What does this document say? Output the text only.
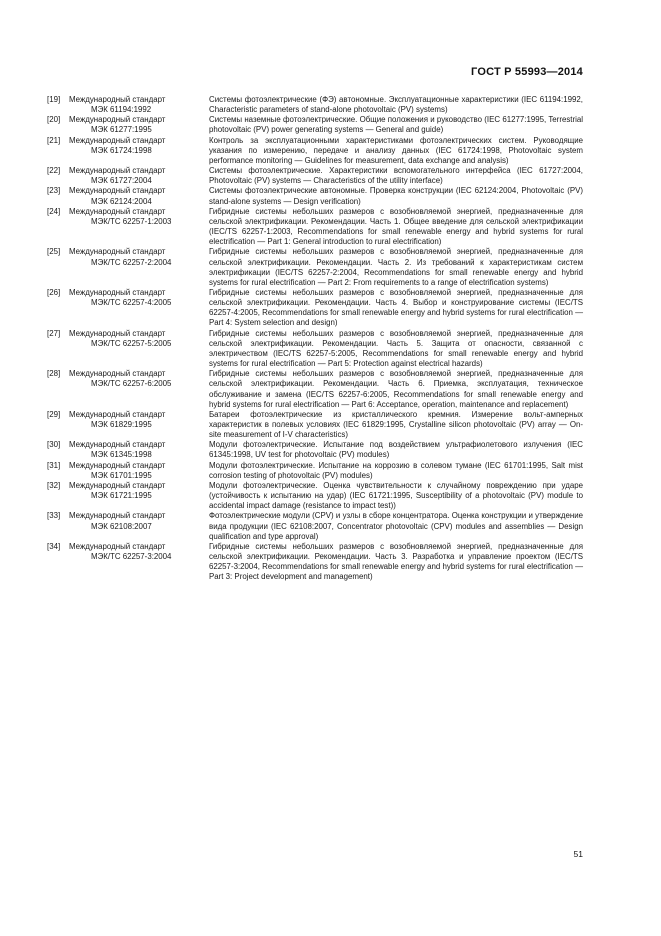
ГОСТ Р 55993—2014
[19]	Международный стандарт
МЭК 61194:1992
Системы фотоэлектрические (ФЭ) автономные. Эксплуатационные характеристики (IEC 61194:1992, Characteristic parameters of stand-alone photovoltaic (PV) systems)
[20]	Международный стандарт
МЭК 61277:1995
Системы наземные фотоэлектрические. Общие положения и руководство (IEC 61277:1995, Terrestrial photovoltaic (PV) power generating systems — General and guide)
[21]	Международный стандарт
МЭК 61724:1998
Контроль за эксплуатационными характеристиками фотоэлектрических систем. Руководящие указания по измерению, передаче и анализу данных (IEC 61724:1998, Photovoltaic system performance monitoring — Guidelines for measurement, data exchange and analysis)
[22]	Международный стандарт
МЭК 61727:2004
Системы фотоэлектрические. Характеристики вспомогательного интерфейса (IEC 61727:2004, Photovoltaic (PV) systems — Characteristics of the utility interface)
[23]	Международный стандарт
МЭК 62124:2004
Системы фотоэлектрические автономные. Проверка конструкции (IEC 62124:2004, Photovoltaic (PV) stand-alone systems — Design verification)
[24]	Международный стандарт
МЭК/ТС 62257-1:2003
Гибридные системы небольших размеров с возобновляемой энергией, предназначенные для сельской электрификации. Рекомендации. Часть 1. Общее введение для сельской электрификации (IEC/TS 62257-1:2003, Recommendations for small renewable energy and hybrid systems for rural electrification — Part 1: General introduction to rural electrification)
[25]	Международный стандарт
МЭК/ТС 62257-2:2004
Гибридные системы небольших размеров с возобновляемой энергией, предназначенные для сельской электрификации. Рекомендации. Часть 2. Из требований к характеристикам систем электрификации (IEC/TS 62257-2:2004, Recommendations for small renewable energy and hybrid systems for rural electrification — Part 2: From requirements to a range of electrification systems)
[26]	Международный стандарт
МЭК/ТС 62257-4:2005
Гибридные системы небольших размеров с возобновляемой энергией, предназначенные для сельской электрификации. Рекомендации. Часть 4. Выбор и конструирование системы (IEC/TS 62257-4:2005, Recommendations for small renewable energy and hybrid systems for rural electrification — Part 4: System selection and design)
[27]	Международный стандарт
МЭК/ТС 62257-5:2005
Гибридные системы небольших размеров с возобновляемой энергией, предназначенные для сельской электрификации. Рекомендации. Часть 5. Защита от опасности, связанной с электричеством (IEC/TS 62257-5:2005, Recommendations for small renewable energy and hybrid systems for rural electrification — Part 5: Protection against electrical hazards)
[28]	Международный стандарт
МЭК/ТС 62257-6:2005
Гибридные системы небольших размеров с возобновляемой энергией, предназначенные для сельской электрификации. Рекомендации. Часть 6. Приемка, эксплуатация, техническое обслуживание и замена (IEC/TS 62257-6:2005, Recommendations for small renewable energy and hybrid systems for rural electrification — Part 6: Acceptance, operation, maintenance and replacement)
[29]	Международный стандарт
МЭК 61829:1995
Батареи фотоэлектрические из кристаллического кремния. Измерение вольт-амперных характеристик в полевых условиях (IEC 61829:1995, Crystalline silicon photovoltaic (PV) array — On-site measurement of I-V characteristics)
[30]	Международный стандарт
МЭК 61345:1998
Модули фотоэлектрические. Испытание под воздействием ультрафиолетового излучения (IEC 61345:1998, UV test for photovoltaic (PV) modules)
[31]	Международный стандарт
МЭК 61701:1995
Модули фотоэлектрические. Испытание на коррозию в солевом тумане (IEC 61701:1995, Salt mist corrosion testing of photovoltaic (PV) modules)
[32]	Международный стандарт
МЭК 61721:1995
Модули фотоэлектрические. Оценка чувствительности к случайному повреждению при ударе (устойчивость к испытанию на удар) (IEC 61721:1995, Susceptibility of a photovoltaic (PV) module to accidental impact damage (resistance to impact test))
[33]	Международный стандарт
МЭК 62108:2007
Фотоэлектрические модули (CPV) и узлы в сборе концентратора. Оценка конструкции и утверждение вида продукции (IEC 62108:2007, Concentrator photovoltaic (CPV) modules and assemblies — Design qualification and type approval)
[34]	Международный стандарт
МЭК/ТС 62257-3:2004
Гибридные системы небольших размеров с возобновляемой энергией, предназначенные для сельской электрификации. Рекомендации. Часть 3. Разработка и управление проектом (IEC/TS 62257-3:2004, Recommendations for small renewable energy and hybrid systems for rural electrification — Part 3: Project development and management)
51
